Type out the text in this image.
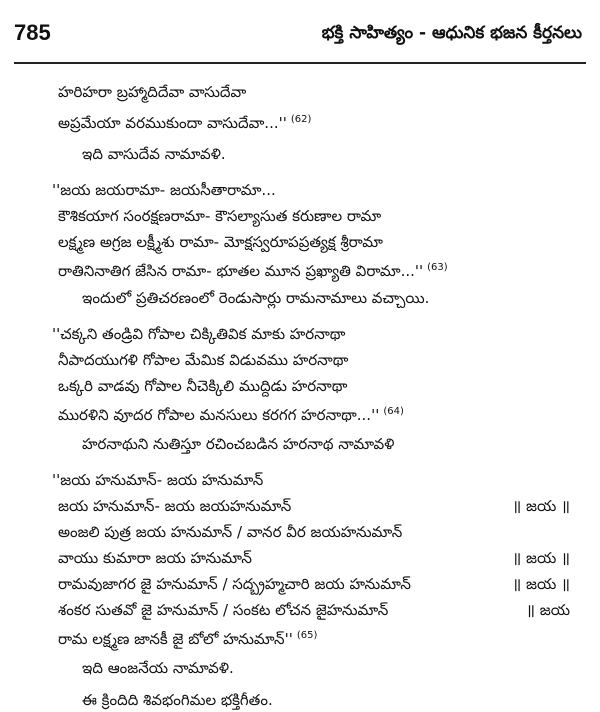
785	భక్తి సాహిత్యం - ఆధునిక భజన కీర్తనలు
హరిహరా బ్రహ్మాదిదేవా వాసుదేవా
అప్రమేయా వరముకుందా వాసుదేవా...'' $^{(62)}$
ఇది వాసుదేవ నామావళి.
''జయ జయరామా- జయసీతారామా...
కౌశికయాగ సంరక్షణరామా- కౌసల్యాసుత కరుణాల రామా
లక్ష్మణ అగ్రజ లక్ష్మీశు రామా- మోక్షస్వరూపప్రత్యక్ష శ్రీరామా
రాతినినాతిగ జేసిన రామా- భూతల మూన ప్రఖ్యాతి విరామా...'' $^{(63)}$
ఇందులో ప్రతిచరణంలో రెండుసార్లు రామనామాలు వచ్చాయి.
''చక్కని తండ్రివి గోపాల చిక్కితివిక మాకు హరనాథా
నీపాదయుగళి గోపాల మేమిక విడువము హరనాథా
ఒక్కరి వాడవు గోపాల నీచెక్కిలి ముద్దిడు హరనాథా
మురళిని వూదర గోపాల మనసులు కరగగ హరనాథా...'' $^{(64)}$
హరనాథుని నుతిస్తూ రచించబడిన హరనాథ నామావళి
''జయ హనుమాన్- జయ హనుమాన్
జయ హనుమాన్- జయ జయహనుమాన్	॥ జయ ॥
అంజలి పుత్ర జయ హనుమాన్ / వానర వీర జయహనుమాన్
వాయు కుమారా జయ హనుమాన్	॥ జయ ॥
రామవుజాగర జై హనుమాన్ / సద్బ్రహ్మచారి జయ హనుమాన్	॥ జయ ॥
శంకర సుతవో జై హనుమాన్ / సంకట లోచన జైహనుమాన్	॥ జయ
రామ లక్ష్మణ జానకీ జై బోలో హనుమాన్'' $^{(65)}$
ఇది ఆంజనేయ నామావళి.
ఈ క్రిందిది శివభంగిమల భక్తిగీతం.
